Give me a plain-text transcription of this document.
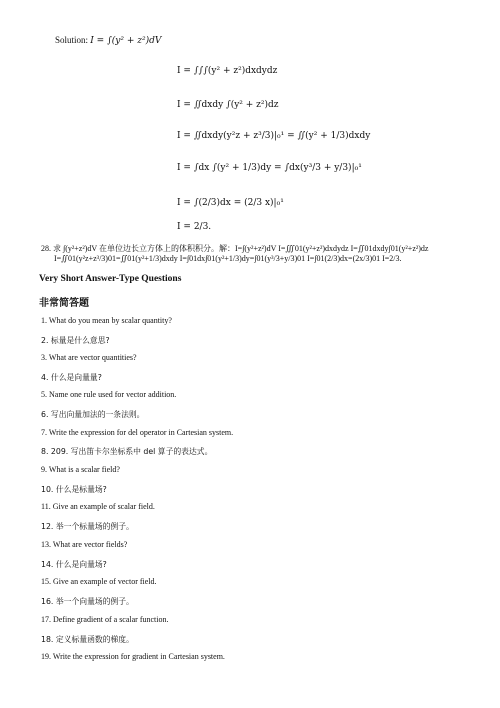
Solution: I = ∫(y² + z²)dV
I = ∫∫∫(y² + z²)dxdydz
I = ∬dxdy ∫(y² + z²)dz
I = ∬dxdy(y²z + z³/3)|₀¹ = ∬(y² + 1/3)dxdy
I = ∫dx ∫(y² + 1/3)dy = ∫dx(y³/3 + y/3)|₀¹
I = ∫(2/3)dx = (2/3 x)|₀¹
I = 2/3.
28. 求 ∫(y²+z²)dV 在单位边长立方体上的体积积分。解：I=∫(y²+z²)dV I=∭01(y²+z²)dxdydz I=∬01dxdy∫01(y²+z²)dz
I=∬01(y²z+z³/3)01=∬01(y²+1/3)dxdy I=∫01dx∫01(y²+1/3)dy=∫01(y³/3+y/3)01 I=∫01(2/3)dx=(2x/3)01 I=2/3.
Very Short Answer-Type Questions
非常简答题
1. What do you mean by scalar quantity?
2. 标量是什么意思?
3. What are vector quantities?
4. 什么是向量量?
5. Name one rule used for vector addition.
6. 写出向量加法的一条法则。
7. Write the expression for del operator in Cartesian system.
8. 209. 写出笛卡尔坐标系中 del 算子的表达式。
9. What is a scalar field?
10. 什么是标量场?
11. Give an example of scalar field.
12. 举一个标量场的例子。
13. What are vector fields?
14. 什么是向量场?
15. Give an example of vector field.
16. 举一个向量场的例子。
17. Define gradient of a scalar function.
18. 定义标量函数的梯度。
19. Write the expression for gradient in Cartesian system.
